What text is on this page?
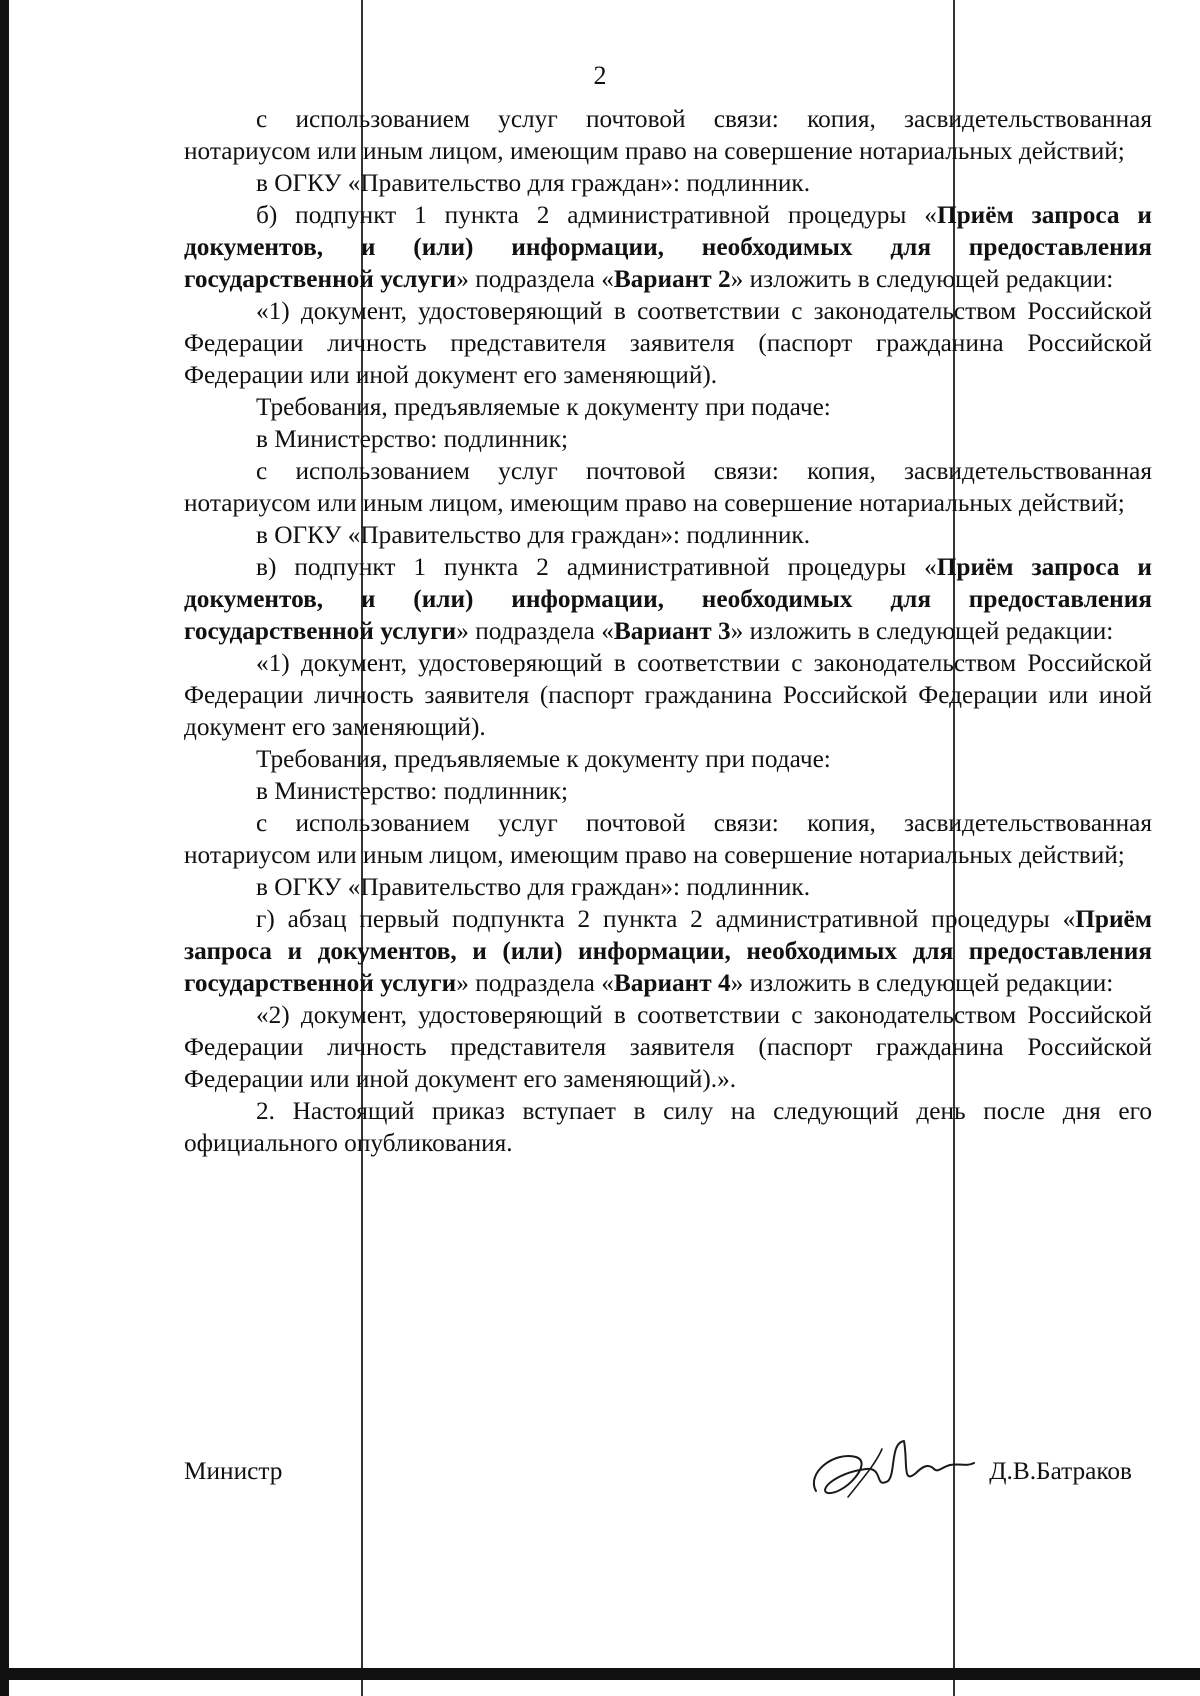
2

с использованием услуг почтовой связи: копия, засвидетельствованная нотариусом или иным лицом, имеющим право на совершение нотариальных действий;

в ОГКУ «Правительство для граждан»: подлинник.

б) подпункт 1 пункта 2 административной процедуры «Приём запроса и документов, и (или) информации, необходимых для предоставления государственной услуги» подраздела «Вариант 2» изложить в следующей редакции:

«1) документ, удостоверяющий в соответствии с законодательством Российской Федерации личность представителя заявителя (паспорт гражданина Российской Федерации или иной документ его заменяющий).

Требования, предъявляемые к документу при подаче:

в Министерство: подлинник;

с использованием услуг почтовой связи: копия, засвидетельствованная нотариусом или иным лицом, имеющим право на совершение нотариальных действий;

в ОГКУ «Правительство для граждан»: подлинник.

в) подпункт 1 пункта 2 административной процедуры «Приём запроса и документов, и (или) информации, необходимых для предоставления государственной услуги» подраздела «Вариант 3» изложить в следующей редакции:

«1) документ, удостоверяющий в соответствии с законодательством Российской Федерации личность заявителя (паспорт гражданина Российской Федерации или иной документ его заменяющий).

Требования, предъявляемые к документу при подаче:

в Министерство: подлинник;

с использованием услуг почтовой связи: копия, засвидетельствованная нотариусом или иным лицом, имеющим право на совершение нотариальных действий;

в ОГКУ «Правительство для граждан»: подлинник.

г) абзац первый подпункта 2 пункта 2 административной процедуры «Приём запроса и документов, и (или) информации, необходимых для предоставления государственной услуги» подраздела «Вариант 4» изложить в следующей редакции:

«2) документ, удостоверяющий в соответствии с законодательством Российской Федерации личность представителя заявителя (паспорт гражданина Российской Федерации или иной документ его заменяющий).».

2. Настоящий приказ вступает в силу на следующий день после дня его официального опубликования.

Министр	Д.В.Батраков
